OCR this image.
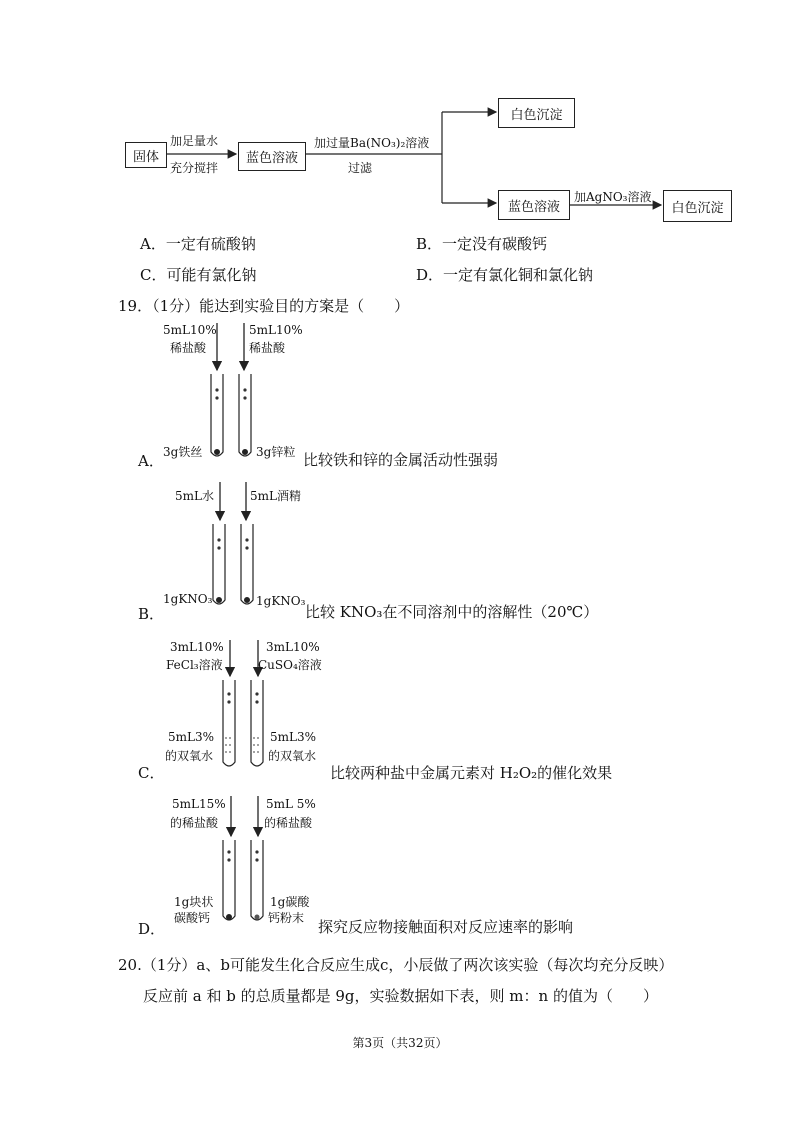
固体
加足量水
充分搅拌
蓝色溶液
加过量Ba(NO₃)₂溶液
过滤
白色沉淀
蓝色溶液
加AgNO₃溶液
白色沉淀
A．一定有硫酸钠	B．一定没有碳酸钙
C．可能有氯化钠	D．一定有氯化铜和氯化钠
19．（1分）能达到实验目的方案是（　　）
5mL10%
稀盐酸
5mL10%
稀盐酸
A． 3g铁丝	3g锌粒 比较铁和锌的金属活动性强弱
5mL水	5mL酒精
B．
1gKNO₃	1gKNO₃
比较 KNO₃在不同溶剂中的溶解性（20℃）
3mL10%
FeCl₃溶液
3mL10%
CuSO₄溶液
5mL3%
的双氧水
5mL3%
的双氧水
C．	比较两种盐中金属元素对 H₂O₂的催化效果
5mL15%
的稀盐酸
5mL 5%
的稀盐酸
1g块状
碳酸钙
1g碳酸
钙粉末
D．	探究反应物接触面积对反应速率的影响
20.（1分）a、b可能发生化合反应生成c，小辰做了两次该实验（每次均充分反映）
反应前 a 和 b 的总质量都是 9g，实验数据如下表，则 m：n 的值为（　　）
第3页（共32页）
